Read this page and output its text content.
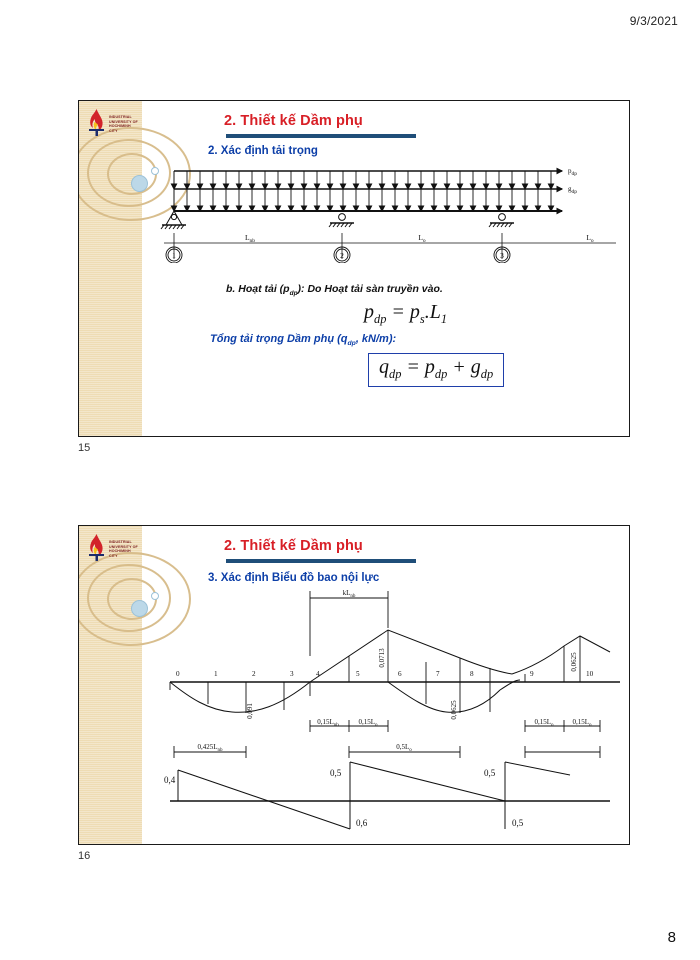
9/3/2021
INDUSTRIAL
UNIVERSITY OF
HOCHIMINH CITY
2. Thiết kế Dầm phụ
2. Xác định tải trọng
1	2	3
$L_{nb}$	$L_o$	$L_o$
$p_{dp}$
$g_{dp}$
b. Hoạt tải $(p_{dp})$: Do Hoạt tải sàn truyền vào.
$p_{dp} = p_s.L_1$
Tổng tải trọng Dầm phụ ($q_{dp}$, kN/m):
$q_{dp} = p_{dp} + g_{dp}$
15
INDUSTRIAL
UNIVERSITY OF
HOCHIMINH CITY
2. Thiết kế Dầm phụ
3. Xác định Biểu đồ bao nội lực
$kL_{nb}$
0	1	2	3	4	5	6	7	8	9	10
0,091
0,0713
0,0625
0,0625
$0,15L_{nb}$	$0,15L_o$	$0,15L_o$	$0,15L_o$
$0,425L_{nb}$	$0,5L_o$
0,4
0,5
0,6
0,5
0,5
16
8
